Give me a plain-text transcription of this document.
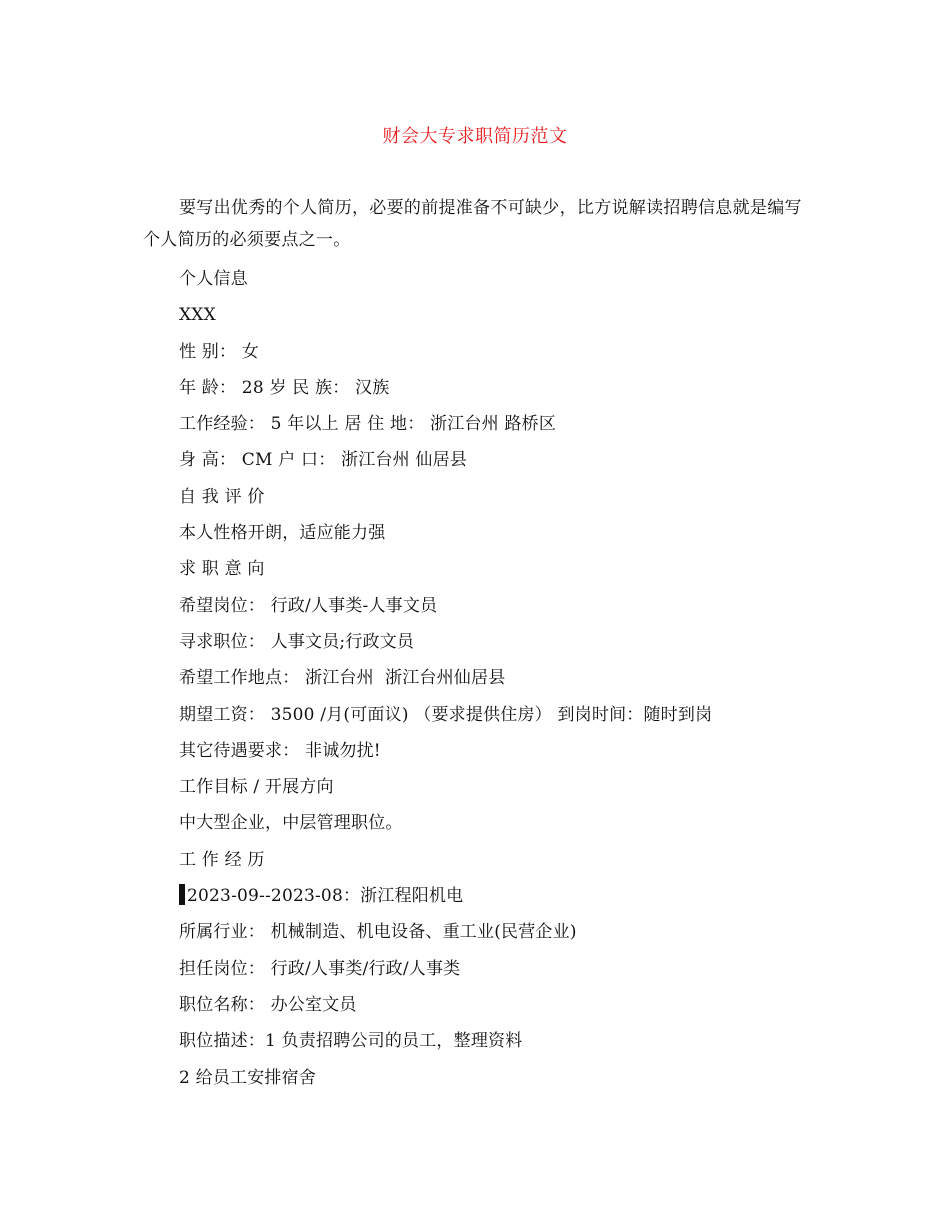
财会大专求职简历范文
要写出优秀的个人简历，必要的前提准备不可缺少，比方说解读招聘信息就是编写个人简历的必须要点之一。
个人信息
XXX
性 别： 女
年 龄： 28 岁 民 族： 汉族
工作经验： 5 年以上 居 住 地： 浙江台州 路桥区
身 高： CM 户 口： 浙江台州 仙居县
自 我 评 价
本人性格开朗，适应能力强
求 职 意 向
希望岗位： 行政/人事类-人事文员
寻求职位： 人事文员;行政文员
希望工作地点： 浙江台州  浙江台州仙居县
期望工资： 3500 /月(可面议) （要求提供住房） 到岗时间：随时到岗
其它待遇要求： 非诚勿扰!
工作目标 / 开展方向
中大型企业，中层管理职位。
工 作 经 历
2023-09--2023-08：浙江程阳机电
所属行业： 机械制造、机电设备、重工业(民营企业)
担任岗位： 行政/人事类/行政/人事类
职位名称： 办公室文员
职位描述：1 负责招聘公司的员工，整理资料
2 给员工安排宿舍
